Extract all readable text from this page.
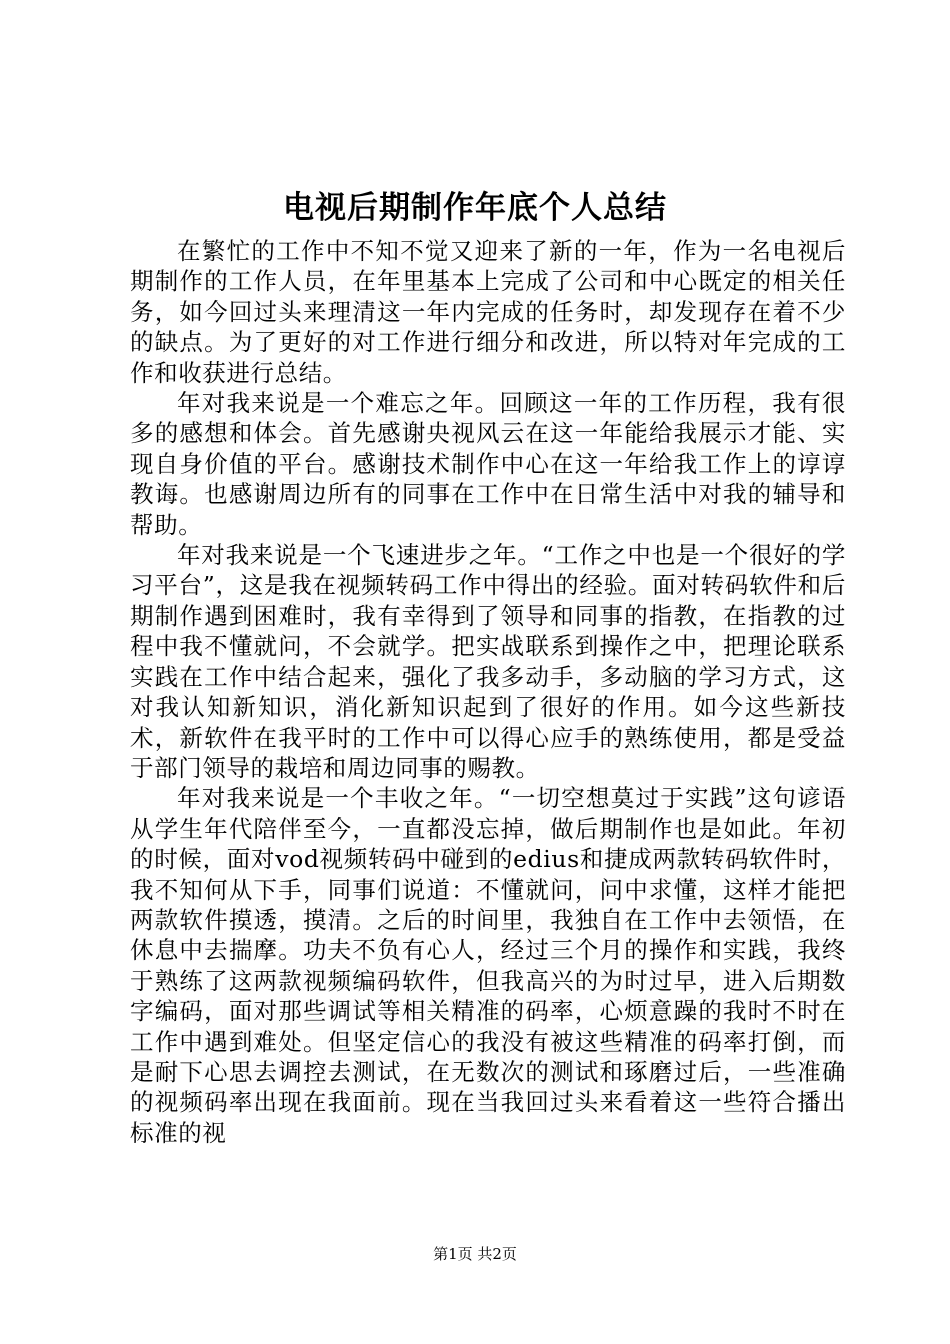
电视后期制作年底个人总结

在繁忙的工作中不知不觉又迎来了新的一年，作为一名电视后期制作的工作人员，在年里基本上完成了公司和中心既定的相关任务，如今回过头来理清这一年内完成的任务时，却发现存在着不少的缺点。为了更好的对工作进行细分和改进，所以特对年完成的工作和收获进行总结。

年对我来说是一个难忘之年。回顾这一年的工作历程，我有很多的感想和体会。首先感谢央视风云在这一年能给我展示才能、实现自身价值的平台。感谢技术制作中心在这一年给我工作上的谆谆教诲。也感谢周边所有的同事在工作中在日常生活中对我的辅导和帮助。

年对我来说是一个飞速进步之年。“工作之中也是一个很好的学习平台”，这是我在视频转码工作中得出的经验。面对转码软件和后期制作遇到困难时，我有幸得到了领导和同事的指教，在指教的过程中我不懂就问，不会就学。把实战联系到操作之中，把理论联系实践在工作中结合起来，强化了我多动手，多动脑的学习方式，这对我认知新知识，消化新知识起到了很好的作用。如今这些新技术，新软件在我平时的工作中可以得心应手的熟练使用，都是受益于部门领导的栽培和周边同事的赐教。

年对我来说是一个丰收之年。“一切空想莫过于实践”这句谚语从学生年代陪伴至今，一直都没忘掉，做后期制作也是如此。年初的时候，面对vod视频转码中碰到的edius和捷成两款转码软件时，我不知何从下手，同事们说道：不懂就问，问中求懂，这样才能把两款软件摸透，摸清。之后的时间里，我独自在工作中去领悟，在休息中去揣摩。功夫不负有心人，经过三个月的操作和实践，我终于熟练了这两款视频编码软件，但我高兴的为时过早，进入后期数字编码，面对那些调试等相关精准的码率，心烦意躁的我时不时在工作中遇到难处。但坚定信心的我没有被这些精准的码率打倒，而是耐下心思去调控去测试，在无数次的测试和琢磨过后，一些准确的视频码率出现在我面前。现在当我回过头来看着这一些符合播出标准的视

第1页 共2页
